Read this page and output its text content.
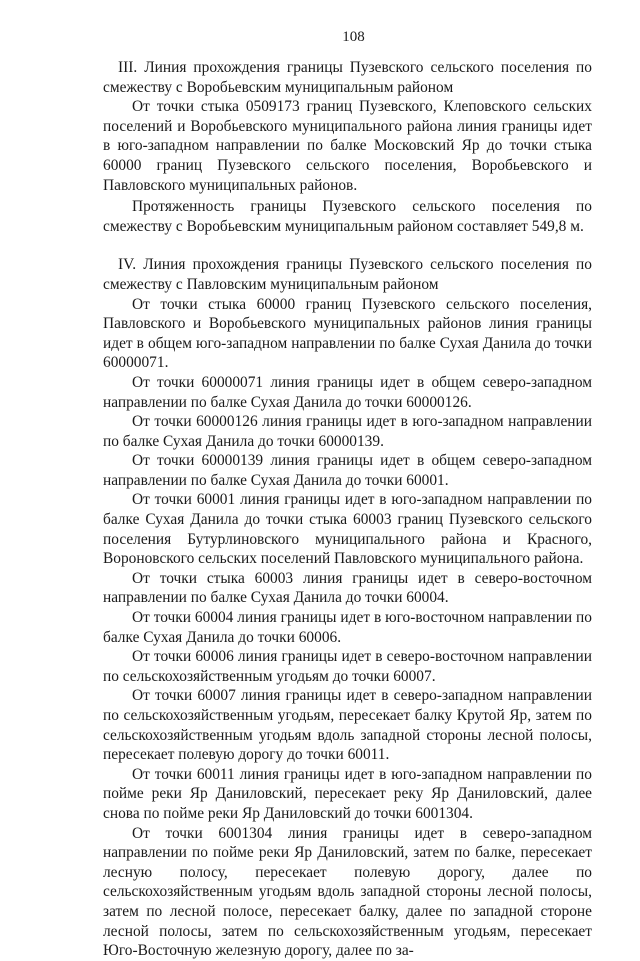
108

III. Линия прохождения границы Пузевского сельского поселения по смежеству с Воробьевским муниципальным районом

От точки стыка 0509173 границ Пузевского, Клеповского сельских поселений и Воробьевского муниципального района линия границы идет в юго-западном направлении по балке Московский Яр до точки стыка 60000 границ Пузевского сельского поселения, Воробьевского и Павловского муниципальных районов.

Протяженность границы Пузевского сельского поселения по смежеству с Воробьевским муниципальным районом составляет 549,8 м.

IV. Линия прохождения границы Пузевского сельского поселения по смежеству с Павловским муниципальным районом

От точки стыка 60000 границ Пузевского сельского поселения, Павловского и Воробьевского муниципальных районов линия границы идет в общем юго-западном направлении по балке Сухая Данила до точки 60000071.

От точки 60000071 линия границы идет в общем северо-западном направлении по балке Сухая Данила до точки 60000126.

От точки 60000126 линия границы идет в юго-западном направлении по балке Сухая Данила до точки 60000139.

От точки 60000139 линия границы идет в общем северо-западном направлении по балке Сухая Данила до точки 60001.

От точки 60001 линия границы идет в юго-западном направлении по балке Сухая Данила до точки стыка 60003 границ Пузевского сельского поселения Бутурлиновского муниципального района и Красного, Вороновского сельских поселений Павловского муниципального района.

От точки стыка 60003 линия границы идет в северо-восточном направлении по балке Сухая Данила до точки 60004.

От точки 60004 линия границы идет в юго-восточном направлении по балке Сухая Данила до точки 60006.

От точки 60006 линия границы идет в северо-восточном направлении по сельскохозяйственным угодьям до точки 60007.

От точки 60007 линия границы идет в северо-западном направлении по сельскохозяйственным угодьям, пересекает балку Крутой Яр, затем по сельскохозяйственным угодьям вдоль западной стороны лесной полосы, пересекает полевую дорогу до точки 60011.

От точки 60011 линия границы идет в юго-западном направлении по пойме реки Яр Даниловский, пересекает реку Яр Даниловский, далее снова по пойме реки Яр Даниловский до точки 6001304.

От точки 6001304 линия границы идет в северо-западном направлении по пойме реки Яр Даниловский, затем по балке, пересекает лесную полосу, пересекает полевую дорогу, далее по сельскохозяйственным угодьям вдоль западной стороны лесной полосы, затем по лесной полосе, пересекает балку, далее по западной стороне лесной полосы, затем по сельскохозяйственным угодьям, пересекает Юго-Восточную железную дорогу, далее по за-
